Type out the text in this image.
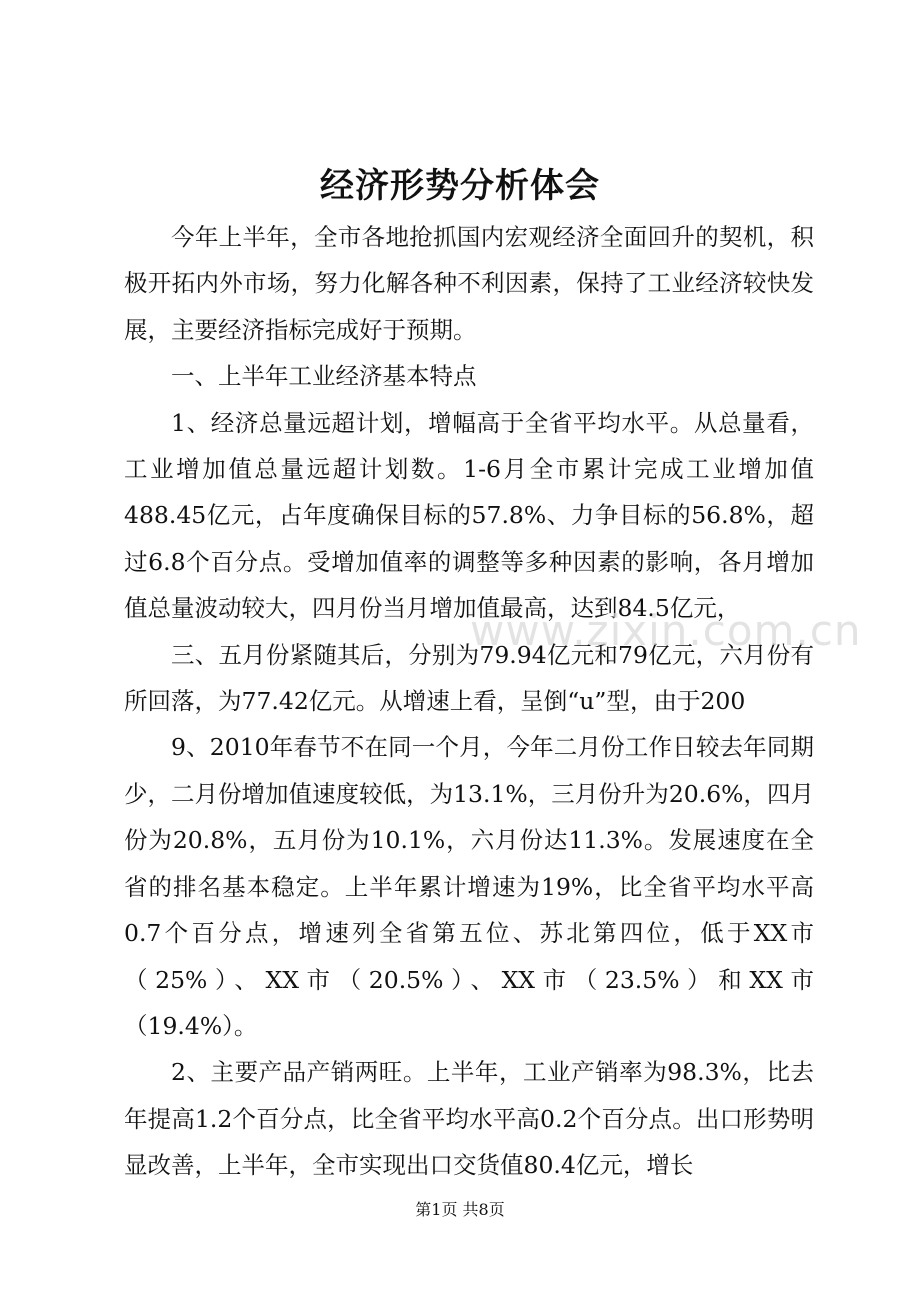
经济形势分析体会

今年上半年，全市各地抢抓国内宏观经济全面回升的契机，积极开拓内外市场，努力化解各种不利因素，保持了工业经济较快发展，主要经济指标完成好于预期。

一、上半年工业经济基本特点

1、经济总量远超计划，增幅高于全省平均水平。从总量看，工业增加值总量远超计划数。1-6月全市累计完成工业增加值488.45亿元，占年度确保目标的57.8%、力争目标的56.8%，超过6.8个百分点。受增加值率的调整等多种因素的影响，各月增加值总量波动较大，四月份当月增加值最高，达到84.5亿元，

三、五月份紧随其后，分别为79.94亿元和79亿元，六月份有所回落，为77.42亿元。从增速上看，呈倒“u”型，由于200

9、2010年春节不在同一个月，今年二月份工作日较去年同期少，二月份增加值速度较低，为13.1%，三月份升为20.6%，四月份为20.8%，五月份为10.1%，六月份达11.3%。发展速度在全省的排名基本稳定。上半年累计增速为19%，比全省平均水平高0.7个百分点，增速列全省第五位、苏北第四位，低于XX市（25%）、XX市（20.5%）、XX市（23.5%）和XX市（19.4%）。

2、主要产品产销两旺。上半年，工业产销率为98.3%，比去年提高1.2个百分点，比全省平均水平高0.2个百分点。出口形势明显改善，上半年，全市实现出口交货值80.4亿元，增长

www.zixin.com.cn
第1页 共8页
